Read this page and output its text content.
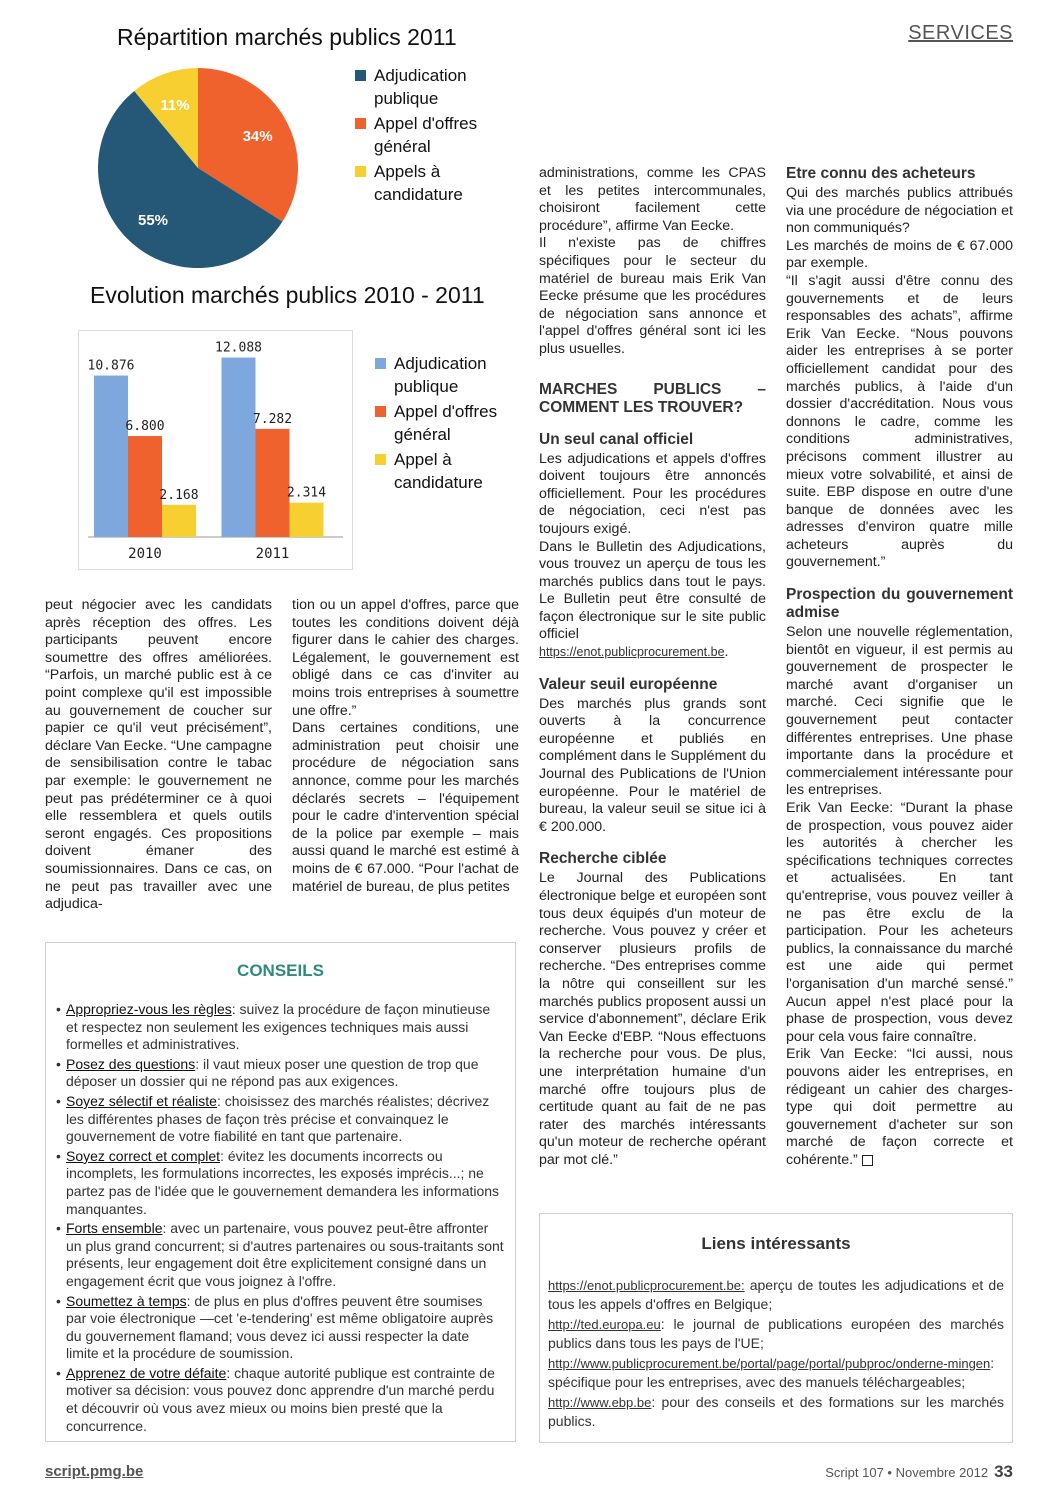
SERVICES
Répartition marchés publics 2011
34%
55%
11%
Adjudication publique
Appel d'offres général
Appels à candidature
Evolution marchés publics 2010 - 2011
10.876
6.800
2.168
2010
12.088
7.282
2.314
2011
Adjudication publique
Appel d'offres général
Appel à candidature

peut négocier avec les candidats après réception des offres. Les participants peuvent encore soumettre des offres améliorées. “Parfois, un marché public est à ce point complexe qu'il est impossible au gouvernement de coucher sur papier ce qu'il veut précisément”, déclare Van Eecke. “Une campagne de sensibilisation contre le tabac par exemple: le gouvernement ne peut pas prédéterminer ce à quoi elle ressemblera et quels outils seront engagés. Ces propositions doivent émaner des soumissionnaires. Dans ce cas, on ne peut pas travailler avec une adjudica-

tion ou un appel d'offres, parce que toutes les conditions doivent déjà figurer dans le cahier des charges. Légalement, le gouvernement est obligé dans ce cas d'inviter au moins trois entreprises à soumettre une offre.”

Dans certaines conditions, une administration peut choisir une procédure de négociation sans annonce, comme pour les marchés déclarés secrets – l'équipement pour le cadre d'intervention spécial de la police par exemple – mais aussi quand le marché est estimé à moins de € 67.000. “Pour l'achat de matériel de bureau, de plus petites

administrations, comme les CPAS et les petites intercommunales, choisiront facilement cette procédure”, affirme Van Eecke.

Il n'existe pas de chiffres spécifiques pour le secteur du matériel de bureau mais Erik Van Eecke présume que les procédures de négociation sans annonce et l'appel d'offres général sont ici les plus usuelles.

MARCHES PUBLICS – COMMENT LES TROUVER?
Un seul canal officiel

Les adjudications et appels d'offres doivent toujours être annoncés officiellement. Pour les procédures de négociation, ceci n'est pas toujours exigé.

Dans le Bulletin des Adjudications, vous trouvez un aperçu de tous les marchés publics dans tout le pays. Le Bulletin peut être consulté de façon électronique sur le site public officiel https://enot.publicprocurement.be.

Valeur seuil européenne

Des marchés plus grands sont ouverts à la concurrence européenne et publiés en complément dans le Supplément du Journal des Publications de l'Union européenne. Pour le matériel de bureau, la valeur seuil se situe ici à € 200.000.

Recherche ciblée

Le Journal des Publications électronique belge et européen sont tous deux équipés d'un moteur de recherche. Vous pouvez y créer et conserver plusieurs profils de recherche. “Des entreprises comme la nôtre qui conseillent sur les marchés publics proposent aussi un service d'abonnement”, déclare Erik Van Eecke d'EBP. “Nous effectuons la recherche pour vous. De plus, une interprétation humaine d'un marché offre toujours plus de certitude quant au fait de ne pas rater des marchés intéressants qu'un moteur de recherche opérant par mot clé.”

Etre connu des acheteurs

Qui des marchés publics attribués via une procédure de négociation et non communiqués?

Les marchés de moins de € 67.000 par exemple.

“Il s'agit aussi d'être connu des gouvernements et de leurs responsables des achats”, affirme Erik Van Eecke. “Nous pouvons aider les entreprises à se porter officiellement candidat pour des marchés publics, à l'aide d'un dossier d'accréditation. Nous vous donnons le cadre, comme les conditions administratives, précisons comment illustrer au mieux votre solvabilité, et ainsi de suite. EBP dispose en outre d'une banque de données avec les adresses d'environ quatre mille acheteurs auprès du gouvernement.”

Prospection du gouvernement admise

Selon une nouvelle réglementation, bientôt en vigueur, il est permis au gouvernement de prospecter le marché avant d'organiser un marché. Ceci signifie que le gouvernement peut contacter différentes entreprises. Une phase importante dans la procédure et commercialement intéressante pour les entreprises.

Erik Van Eecke: “Durant la phase de prospection, vous pouvez aider les autorités à chercher les spécifications techniques correctes et actualisées. En tant qu'entreprise, vous pouvez veiller à ne pas être exclu de la participation. Pour les acheteurs publics, la connaissance du marché est une aide qui permet l'organisation d'un marché sensé.” Aucun appel n'est placé pour la phase de prospection, vous devez pour cela vous faire connaître.

Erik Van Eecke: “Ici aussi, nous pouvons aider les entreprises, en rédigeant un cahier des charges-type qui doit permettre au gouvernement d'acheter sur son marché de façon correcte et cohérente.”

CONSEILS
• Appropriez-vous les règles: suivez la procédure de façon minutieuse et respectez non seulement les exigences techniques mais aussi formelles et administratives.
• Posez des questions: il vaut mieux poser une question de trop que déposer un dossier qui ne répond pas aux exigences.
• Soyez sélectif et réaliste: choisissez des marchés réalistes; décrivez les différentes phases de façon très précise et convainquez le gouvernement de votre fiabilité en tant que partenaire.
• Soyez correct et complet: évitez les documents incorrects ou incomplets, les formulations incorrectes, les exposés imprécis...; ne partez pas de l'idée que le gouvernement demandera les informations manquantes.
• Forts ensemble: avec un partenaire, vous pouvez peut-être affronter un plus grand concurrent; si d'autres partenaires ou sous-traitants sont présents, leur engagement doit être explicitement consigné dans un engagement écrit que vous joignez à l'offre.
• Soumettez à temps: de plus en plus d'offres peuvent être soumises par voie électronique —cet 'e-tendering' est même obligatoire auprès du gouvernement flamand; vous devez ici aussi respecter la date limite et la procédure de soumission.
• Apprenez de votre défaite: chaque autorité publique est contrainte de motiver sa décision: vous pouvez donc apprendre d'un marché perdu et découvrir où vous avez mieux ou moins bien presté que la concurrence.
Liens intéressants
https://enot.publicprocurement.be: aperçu de toutes les adjudications et de tous les appels d'offres en Belgique;
http://ted.europa.eu: le journal de publications européen des marchés publics dans tous les pays de l'UE;
http://www.publicprocurement.be/portal/page/portal/pubproc/onderne-mingen: spécifique pour les entreprises, avec des manuels téléchargeables;
http://www.ebp.be: pour des conseils et des formations sur les marchés publics.
script.pmg.be	Script 107 • Novembre 2012 33
